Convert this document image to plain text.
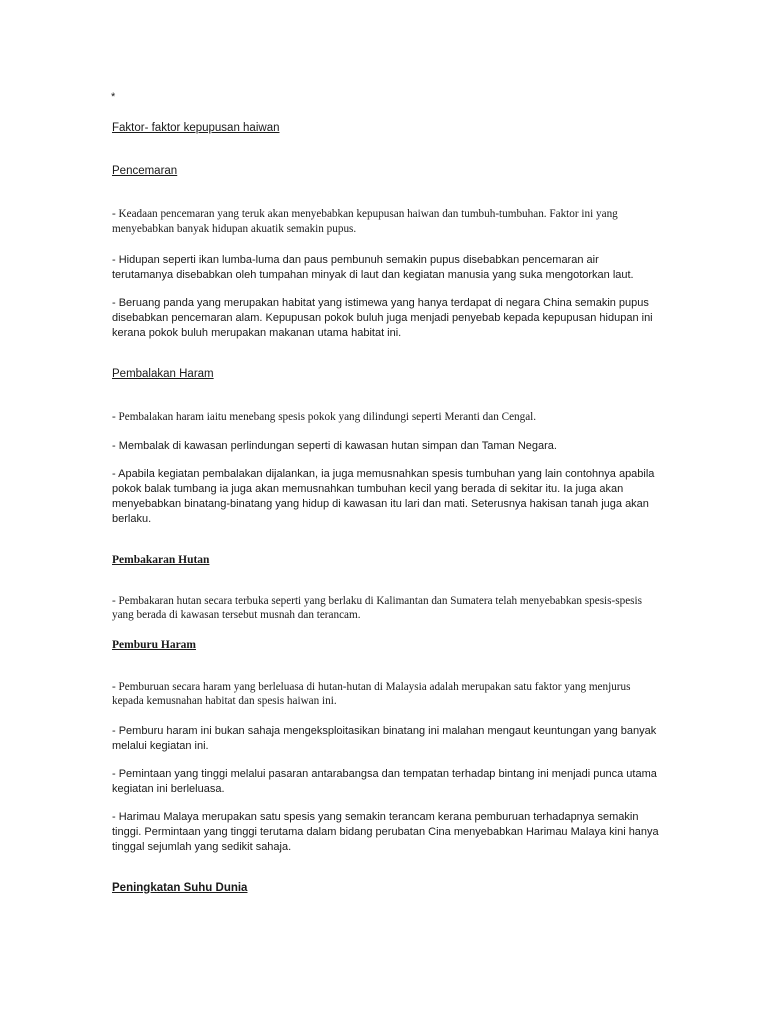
*

Faktor- faktor kepupusan haiwan

Pencemaran

- Keadaan pencemaran yang teruk akan menyebabkan kepupusan haiwan dan tumbuh-tumbuhan. Faktor ini yang menyebabkan banyak hidupan akuatik semakin pupus.

- Hidupan seperti ikan lumba-luma dan paus pembunuh semakin pupus disebabkan pencemaran air terutamanya disebabkan oleh tumpahan minyak di laut dan kegiatan manusia yang suka mengotorkan laut.

- Beruang panda yang merupakan habitat yang istimewa yang hanya terdapat di negara China semakin pupus disebabkan pencemaran alam. Kepupusan pokok buluh juga menjadi penyebab kepada kepupusan hidupan ini kerana pokok buluh merupakan makanan utama habitat ini.

Pembalakan Haram

- Pembalakan haram iaitu menebang spesis pokok yang dilindungi seperti Meranti dan Cengal.

- Membalak di kawasan perlindungan seperti di kawasan hutan simpan dan Taman Negara.

- Apabila kegiatan pembalakan dijalankan, ia juga memusnahkan spesis tumbuhan yang lain contohnya apabila pokok balak tumbang ia juga akan memusnahkan tumbuhan kecil yang berada di sekitar itu. Ia juga akan menyebabkan binatang-binatang yang hidup di kawasan itu lari dan mati. Seterusnya hakisan tanah juga akan berlaku.

Pembakaran Hutan

- Pembakaran hutan secara terbuka seperti yang berlaku di Kalimantan dan Sumatera telah menyebabkan spesis-spesis yang berada di kawasan tersebut musnah dan terancam.

Pemburu Haram

- Pemburuan secara haram yang berleluasa di hutan-hutan di Malaysia adalah merupakan satu faktor yang menjurus kepada kemusnahan habitat dan spesis haiwan ini.

- Pemburu haram ini bukan sahaja mengeksploitasikan binatang ini malahan mengaut keuntungan yang banyak melalui kegiatan ini.

- Pemintaan yang tinggi melalui pasaran antarabangsa dan tempatan terhadap bintang ini menjadi punca utama kegiatan ini berleluasa.

- Harimau Malaya merupakan satu spesis yang semakin terancam kerana pemburuan terhadapnya semakin tinggi. Permintaan yang tinggi terutama dalam bidang perubatan Cina menyebabkan Harimau Malaya kini hanya tinggal sejumlah yang sedikit sahaja.

Peningkatan Suhu Dunia
